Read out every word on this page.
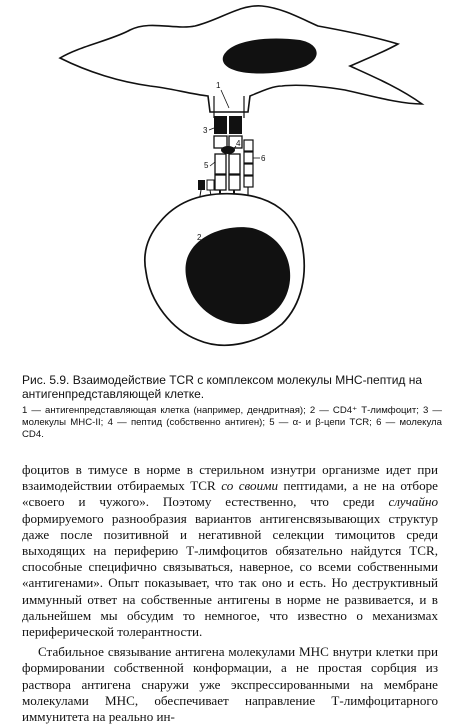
1
3
4
5
6
2

Рис. 5.9. Взаимодействие TCR с комплексом молекулы МНС-пептид на антигенпредставляющей клетке.

1 — антигенпредставляющая клетка (например, дендритная); 2 — CD4⁺ Т-лимфоцит; 3 — молекулы МНС-II; 4 — пептид (собственно антиген); 5 — α- и β-цепи TCR; 6 — молекула CD4.

фоцитов в тимусе в норме в стерильном изнутри организме идет при взаимодействии отбираемых TCR со своими пептидами, а не на отборе «своего и чужого». Поэтому естественно, что среди случайно формируемого разнообразия вариантов антигенсвязывающих структур даже после позитивной и негативной селекции тимоцитов среди выходящих на периферию Т-лимфоцитов обязательно найдутся TCR, способные специфично связываться, наверное, со всеми собственными «антигенами». Опыт показывает, что так оно и есть. Но деструктивный иммунный ответ на собственные антигены в норме не развивается, и в дальнейшем мы обсудим то немногое, что известно о механизмах периферической толерантности.

Стабильное связывание антигена молекулами МНС внутри клетки при формировании собственной конформации, а не простая сорбция из раствора антигена снаружи уже экспрессированными на мембране молекулами МНС, обеспечивает направление Т-лимфоцитарного иммунитета на реально ин-
